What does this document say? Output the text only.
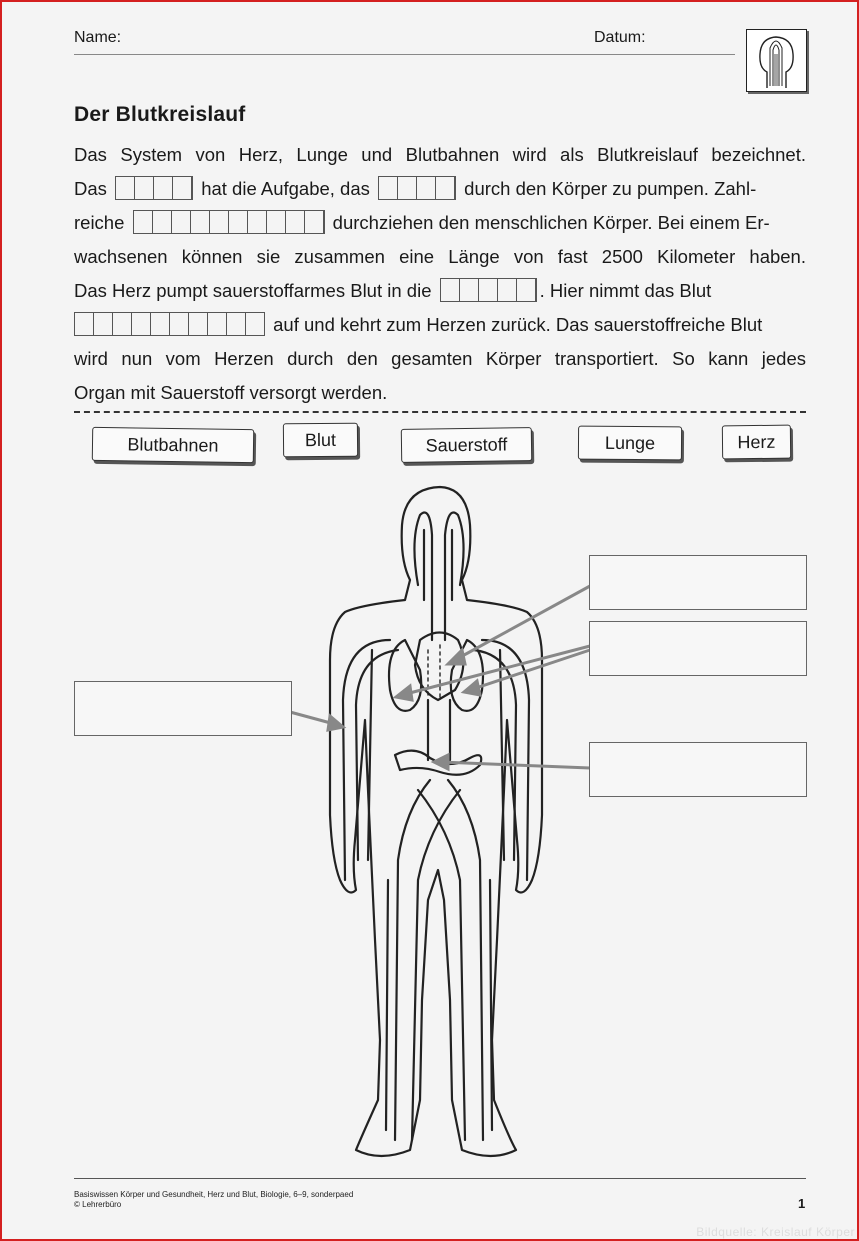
Name:	Datum:
Der Blutkreislauf
Das System von Herz, Lunge und Blutbahnen wird als Blutkreislauf bezeichnet.
Das	hat die Aufgabe, das	durch den Körper zu pumpen. Zahl-
reiche	durchziehen den menschlichen Körper. Bei einem Er-
wachsenen können sie zusammen eine Länge von fast 2500 Kilometer haben.
Das Herz pumpt sauerstoffarmes Blut in die	. Hier nimmt das Blut
auf und kehrt zum Herzen zurück. Das sauerstoffreiche Blut
wird nun vom Herzen durch den gesamten Körper transportiert. So kann jedes
Organ mit Sauerstoff versorgt werden.
Blutbahnen	Blut	Sauerstoff	Lunge	Herz
Basiswissen Körper und Gesundheit, Herz und Blut, Biologie, 6–9, sonderpaed
© Lehrerbüro	1
Bildquelle: Kreislauf Körper
